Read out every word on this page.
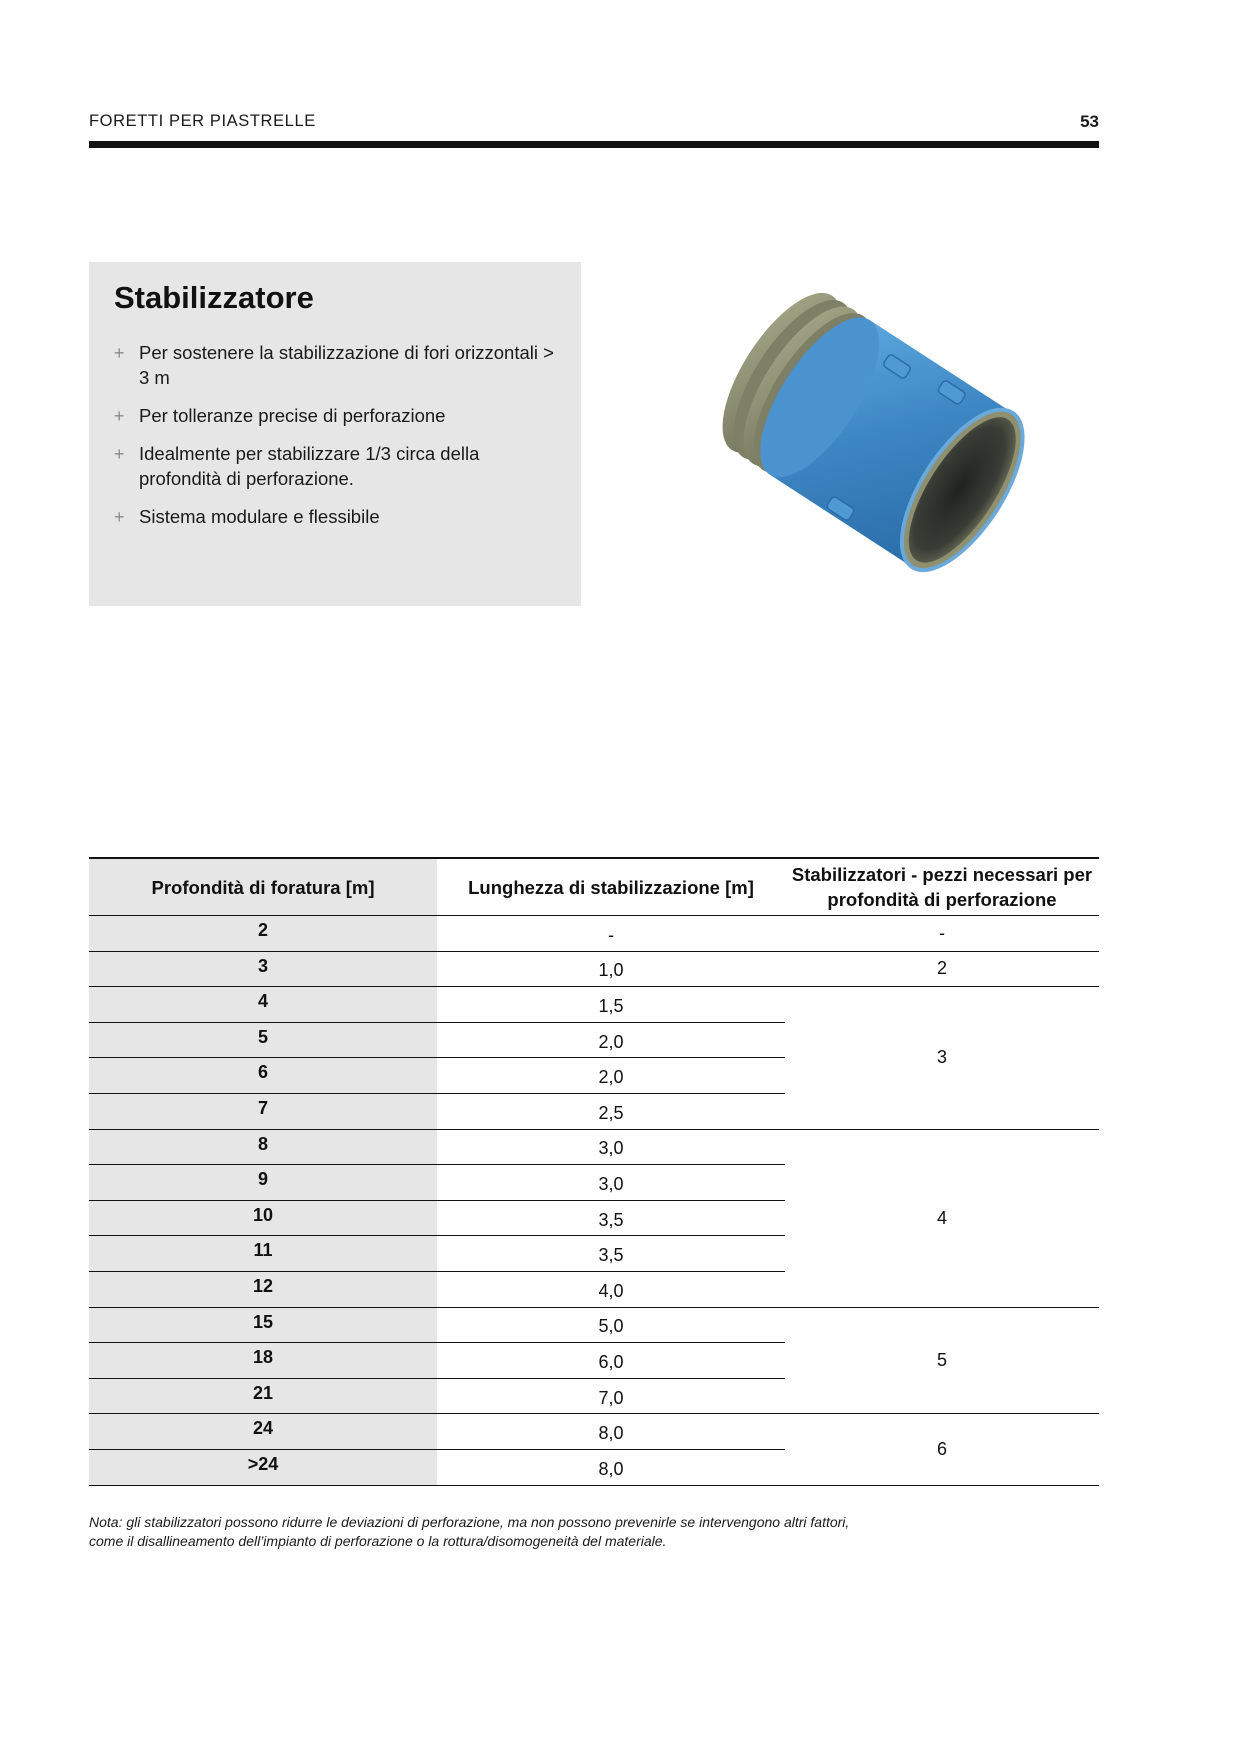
FORETTI PER PIASTRELLE	53
Stabilizzatore
+ Per sostenere la stabilizzazione di fori orizzontali > 3 m
+ Per tolleranze precise di perforazione
+ Idealmente per stabilizzare 1/3 circa della profondità di perforazione.
+ Sistema modulare e flessibile
Profondità di foratura [m]	Lunghezza di stabilizzazione [m]	Stabilizzatori - pezzi necessari per profondità di perforazione
2	-	-
3	1,0	2
4	1,5	3
5	2,0	
6	2,0	
7	2,5	
8	3,0	4
9	3,0	
10	3,5	
11	3,5	
12	4,0	
15	5,0	5
18	6,0	
21	7,0	
24	8,0	6
>24	8,0	
Nota: gli stabilizzatori possono ridurre le deviazioni di perforazione, ma non possono prevenirle se intervengono altri fattori,
come il disallineamento dell’impianto di perforazione o la rottura/disomogeneità del materiale.
